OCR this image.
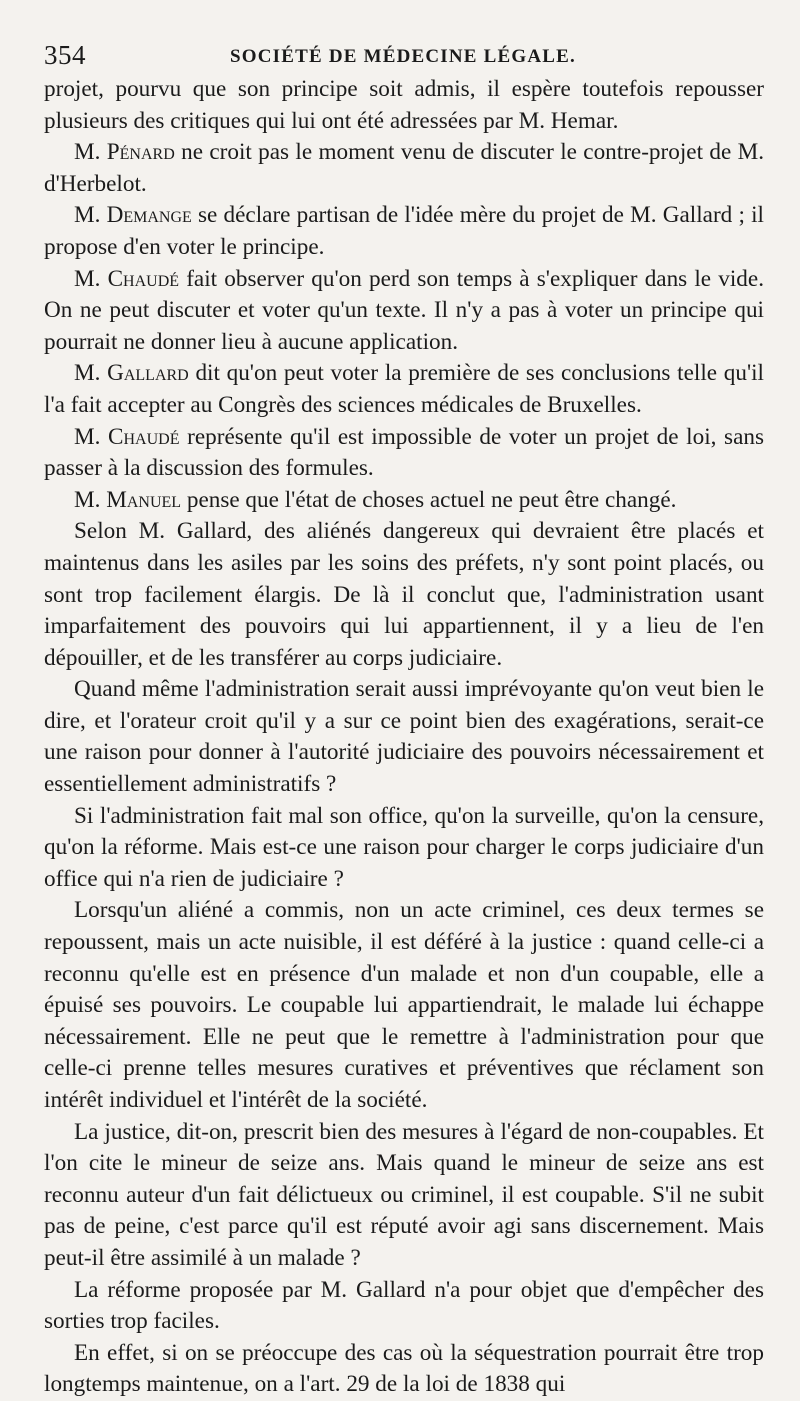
354	SOCIÉTÉ DE MÉDECINE LÉGALE.

projet, pourvu que son principe soit admis, il espère toutefois repousser plusieurs des critiques qui lui ont été adressées par M. Hemar.

M. Pénard ne croit pas le moment venu de discuter le contre-projet de M. d'Herbelot.

M. Demange se déclare partisan de l'idée mère du projet de M. Gallard ; il propose d'en voter le principe.

M. Chaudé fait observer qu'on perd son temps à s'expliquer dans le vide. On ne peut discuter et voter qu'un texte. Il n'y a pas à voter un principe qui pourrait ne donner lieu à aucune application.

M. Gallard dit qu'on peut voter la première de ses conclusions telle qu'il l'a fait accepter au Congrès des sciences médicales de Bruxelles.

M. Chaudé représente qu'il est impossible de voter un projet de loi, sans passer à la discussion des formules.

M. Manuel pense que l'état de choses actuel ne peut être changé.

Selon M. Gallard, des aliénés dangereux qui devraient être placés et maintenus dans les asiles par les soins des préfets, n'y sont point placés, ou sont trop facilement élargis. De là il conclut que, l'administration usant imparfaitement des pouvoirs qui lui appartiennent, il y a lieu de l'en dépouiller, et de les transférer au corps judiciaire.

Quand même l'administration serait aussi imprévoyante qu'on veut bien le dire, et l'orateur croit qu'il y a sur ce point bien des exagérations, serait-ce une raison pour donner à l'autorité judiciaire des pouvoirs nécessairement et essentiellement administratifs ?

Si l'administration fait mal son office, qu'on la surveille, qu'on la censure, qu'on la réforme. Mais est-ce une raison pour charger le corps judiciaire d'un office qui n'a rien de judiciaire ?

Lorsqu'un aliéné a commis, non un acte criminel, ces deux termes se repoussent, mais un acte nuisible, il est déféré à la justice : quand celle-ci a reconnu qu'elle est en présence d'un malade et non d'un coupable, elle a épuisé ses pouvoirs. Le coupable lui appartiendrait, le malade lui échappe nécessairement. Elle ne peut que le remettre à l'administration pour que celle-ci prenne telles mesures curatives et préventives que réclament son intérêt individuel et l'intérêt de la société.

La justice, dit-on, prescrit bien des mesures à l'égard de non-coupables. Et l'on cite le mineur de seize ans. Mais quand le mineur de seize ans est reconnu auteur d'un fait délictueux ou criminel, il est coupable. S'il ne subit pas de peine, c'est parce qu'il est réputé avoir agi sans discernement. Mais peut-il être assimilé à un malade ?

La réforme proposée par M. Gallard n'a pour objet que d'empêcher des sorties trop faciles.

En effet, si on se préoccupe des cas où la séquestration pourrait être trop longtemps maintenue, on a l'art. 29 de la loi de 1838 qui
